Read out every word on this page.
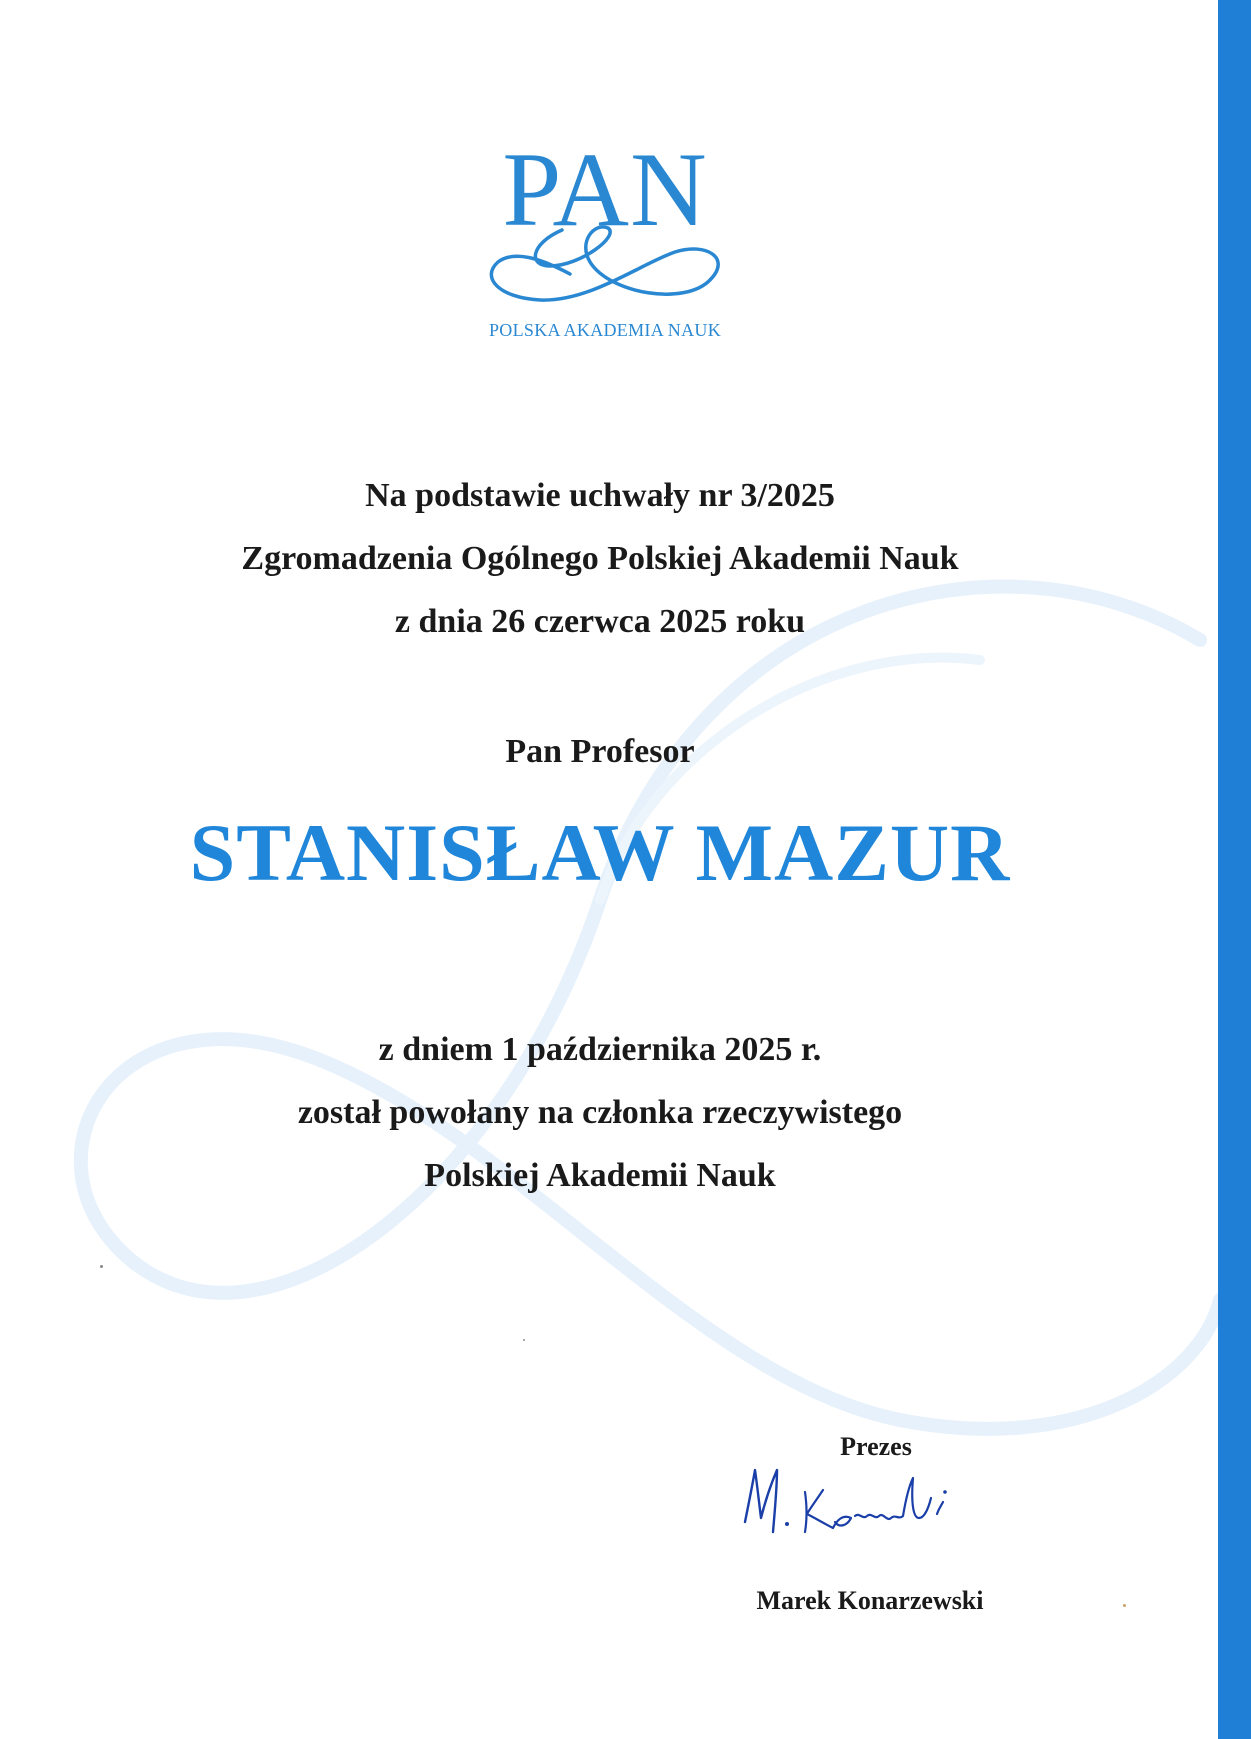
PAN
POLSKA AKADEMIA NAUK
Na podstawie uchwały nr 3/2025
Zgromadzenia Ogólnego Polskiej Akademii Nauk
z dnia 26 czerwca 2025 roku
Pan Profesor
STANISŁAW MAZUR
z dniem 1 października 2025 r.
został powołany na członka rzeczywistego
Polskiej Akademii Nauk
Prezes
Marek Konarzewski
